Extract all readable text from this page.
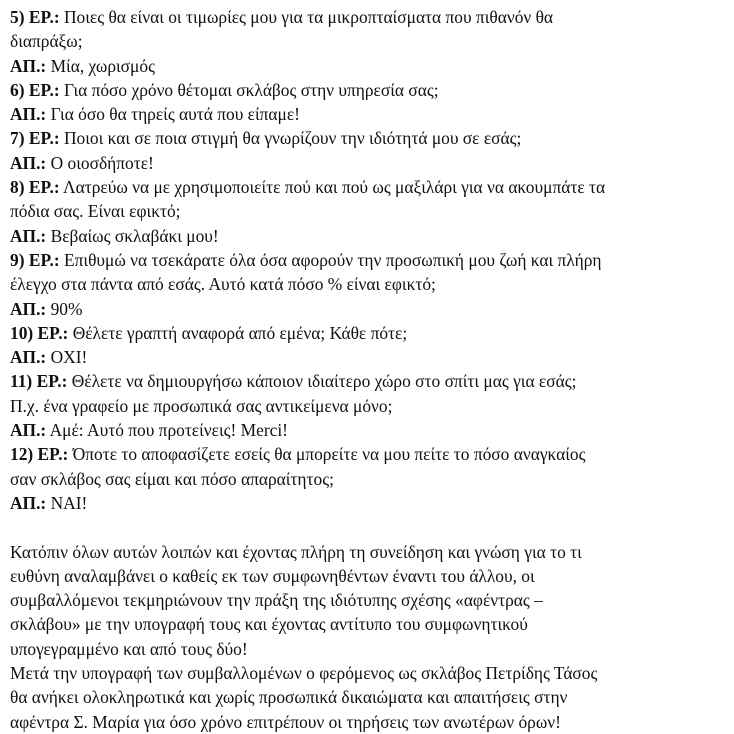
5) ΕΡ.: Ποιες θα είναι οι τιμωρίες μου για τα μικροπταίσματα που πιθανόν θα
διαπράξω;
ΑΠ.: Μία, χωρισμός
6) ΕΡ.: Για πόσο χρόνο θέτομαι σκλάβος στην υπηρεσία σας;
ΑΠ.: Για όσο θα τηρείς αυτά που είπαμε!
7) ΕΡ.: Ποιοι και σε ποια στιγμή θα γνωρίζουν την ιδιότητά μου σε εσάς;
ΑΠ.: Ο οιοσδήποτε!
8) ΕΡ.: Λατρεύω να με χρησιμοποιείτε πού και πού ως μαξιλάρι για να ακουμπάτε τα
πόδια σας. Είναι εφικτό;
ΑΠ.: Βεβαίως σκλαβάκι μου!
9) ΕΡ.: Επιθυμώ να τσεκάρατε όλα όσα αφορούν την προσωπική μου ζωή και πλήρη
έλεγχο στα πάντα από εσάς. Αυτό κατά πόσο % είναι εφικτό;
ΑΠ.: 90%
10) ΕΡ.: Θέλετε γραπτή αναφορά από εμένα; Κάθε πότε;
ΑΠ.: ΟΧΙ!
11) ΕΡ.: Θέλετε να δημιουργήσω κάποιον ιδιαίτερο χώρο στο σπίτι μας για εσάς;
Π.χ. ένα γραφείο με προσωπικά σας αντικείμενα μόνο;
ΑΠ.: Αμέ: Αυτό που προτείνεις! Merci!
12) ΕΡ.: Όποτε το αποφασίζετε εσείς θα μπορείτε να μου πείτε το πόσο αναγκαίος
σαν σκλάβος σας είμαι και πόσο απαραίτητος;
ΑΠ.: ΝΑΙ!
Κατόπιν όλων αυτών λοιπών και έχοντας πλήρη τη συνείδηση και γνώση για το τι
ευθύνη αναλαμβάνει ο καθείς εκ των συμφωνηθέντων έναντι του άλλου, οι
συμβαλλόμενοι τεκμηριώνουν την πράξη της ιδιότυπης σχέσης «αφέντρας –
σκλάβου» με την υπογραφή τους και έχοντας αντίτυπο του συμφωνητικού
υπογεγραμμένο και από τους δύο!
Μετά την υπογραφή των συμβαλλομένων ο φερόμενος ως σκλάβος Πετρίδης Τάσος
θα ανήκει ολοκληρωτικά και χωρίς προσωπικά δικαιώματα και απαιτήσεις στην
αφέντρα Σ. Μαρία για όσο χρόνο επιτρέπουν οι τηρήσεις των ανωτέρων όρων!
